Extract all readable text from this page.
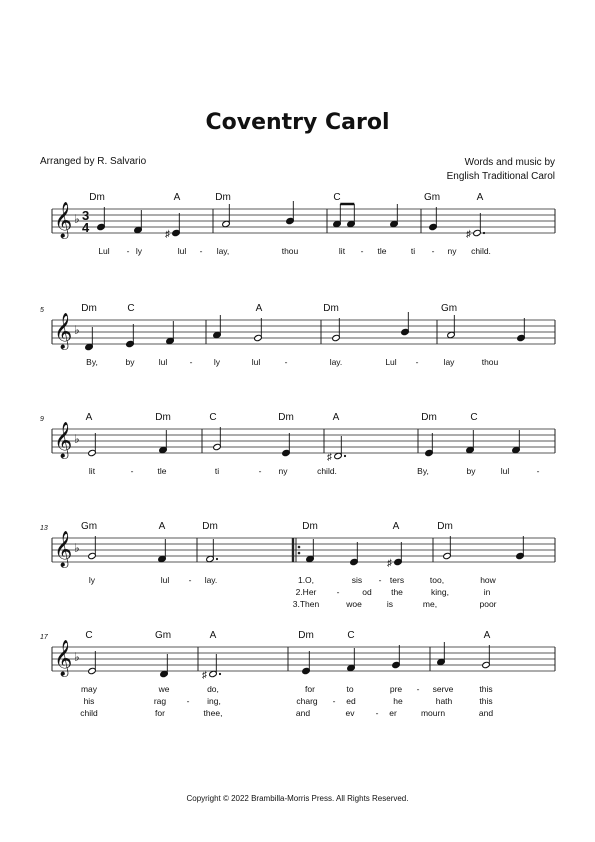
Coventry Carol
Arranged by R. Salvario	Words and music by
English Traditional Carol
𝄞 ♭ 3
4	♯	♯
Dm	A	Dm	C	Gm	A
Lul - ly	lul - lay,	thou	lit - tle	ti - ny child.
𝄞 ♭
5	Dm	C	A	Dm	Gm
By,	by	lul	-	ly	lul	-	lay.	Lul -	lay	thou
𝄞 ♭
♯
9	A	Dm	C	Dm	A	Dm	C
lit	-	tle	ti	- ny	child.	By,	by	lul	-
𝄞 ♭
♯
13	Gm	A	Dm	Dm	A	Dm
ly	lul - lay.	1.O,	sis - ters	too,	how
2.Her -	od the	king,	in
3.Then	woe	is	me,	poor
𝄞 ♭
♯
17	C	Gm	A	Dm	C	A
may	we	do,	for	to	pre - serve	this
his	rag - ing,	charg - ed	he	hath	this
child	for	thee,	and	ev - er	mourn	and
Copyright © 2022 Brambilla-Morris Press. All Rights Reserved.
